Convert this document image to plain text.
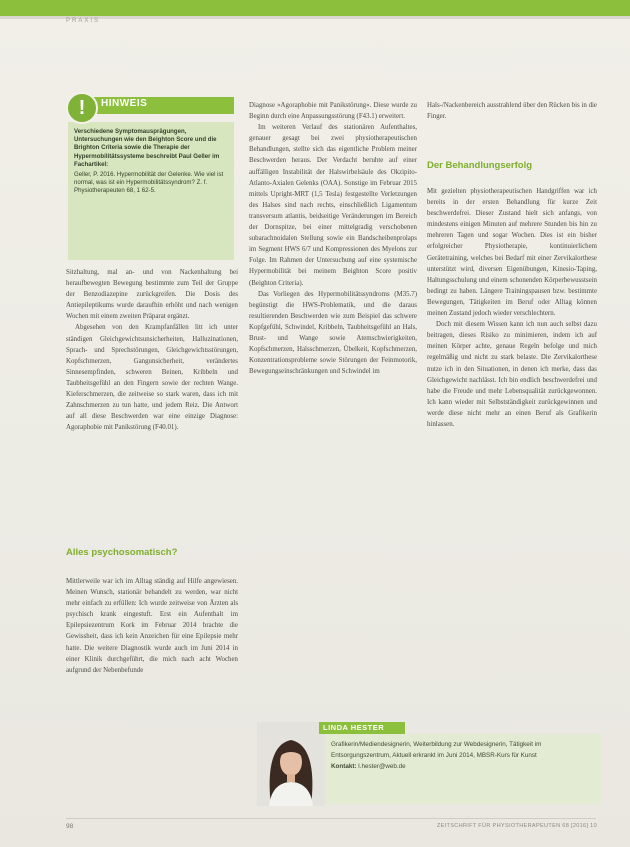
PRAXIS
HINWEIS
!
Verschiedene Symptomausprägungen, Untersuchungen wie den Beighton Score und die Brighton Criteria sowie die Therapie der Hypermobilitätssysteme beschreibt Paul Geller im Fachartikel:
Geller, P. 2016. Hypermobilität der Gelenke. Wie viel ist normal, was ist ein Hypermobilitätssyndrom? Z. f. Physiotherapeuten 68, 1 62-5.

Sitzhaltung, mal an- und von Nackenhaltung bei heraufbewegten Bewegung bestimmte zum Teil der Gruppe der Benzodiazepine zurückgreifen. Die Dosis des Antiepileptikums wurde daraufhin erhöht und nach wenigen Wochen mit einem zweiten Präparat ergänzt.

Abgesehen von den Krampfanfällen litt ich unter ständigen Gleichgewichtsunsicherheiten, Halluzinationen, Sprach- und Sprechstörungen, Gleichgewichtsstörungen, Kopfschmerzen, Gangunsicherheit, verändertes Sinnesempfinden, schweren Beinen, Kribbeln und Taubheitsgefühl an den Fingern sowie der rechten Wange. Kieferschmerzen, die zeitweise so stark waren, dass ich mit Zahnschmerzen zu tun hatte, und jedem Reiz. Die Antwort auf all diese Beschwerden war eine einzige Diagnose: Agoraphobie mit Panikstörung (F40.01).

Alles psychosomatisch?

Mittlerweile war ich im Alltag ständig auf Hilfe angewiesen. Meinen Wunsch, stationär behandelt zu werden, war nicht mehr einfach zu erfüllen: Ich wurde zeitweise von Ärzten als psychisch krank eingestuft. Erst ein Aufenthalt im Epilepsiezentrum Kork im Februar 2014 brachte die Gewissheit, dass ich kein Anzeichen für eine Epilepsie mehr hatte. Die weitere Diagnostik wurde auch im Juni 2014 in einer Klinik durchgeführt, die mich nach acht Wochen aufgrund der Nebenbefunde

Diagnose »Agoraphobie mit Panikstörung«. Diese wurde zu Beginn durch eine Anpassungsstörung (F43.1) erweitert.

Im weiteren Verlauf des stationären Aufenthaltes, genauer gesagt bei zwei physiotherapeutischen Behandlungen, stellte sich das eigentliche Problem meiner Beschwerden heraus. Der Verdacht beruhte auf einer auffälligen Instabilität der Halswirbelsäule des Okzipito-Atlanto-Axialen Gelenks (OAA). Sonstige im Februar 2015 mittels Upright-MRT (1,5 Tesla) festgestellte Verletzungen des Halses sind nach rechts, einschließlich Ligamentum transversum atlantis, beidseitige Veränderungen im Bereich der Dornspitze, bei einer mittelgradig verschobenen subarachnoidalen Stellung sowie ein Bandscheibenprolaps im Segment HWS 6/7 und Kompressionen des Myelons zur Folge. Im Rahmen der Untersuchung auf eine systemische Hypermobilität bei meinem Beighton Score positiv (Beighton Criteria).

Das Vorliegen des Hypermobilitätssyndroms (M35.7) begünstigt die HWS-Problematik, und die daraus resultierenden Beschwerden wie zum Beispiel das schwere Kopfgefühl, Schwindel, Kribbeln, Taubheitsgefühl an Hals, Brust- und Wange sowie Atemschwierigkeiten, Kopfschmerzen, Halsschmerzen, Übelkeit, Kopfschmerzen, Konzentrationsprobleme sowie Störungen der Feinmotorik, Bewegungseinschränkungen und Schwindel im

Hals-/Nackenbereich ausstrahlend über den Rücken bis in die Finger.

Der Behandlungserfolg

Mit gezielten physiotherapeutischen Handgriffen war ich bereits in der ersten Behandlung für kurze Zeit beschwerdefrei. Dieser Zustand hielt sich anfangs, von mindestens einigen Minuten auf mehrere Stunden bis hin zu mehreren Tagen und sogar Wochen. Dies ist ein bisher erfolgreicher Physiotherapie, kontinuierlichem Gerätetraining, welches bei Bedarf mit einer Zervikalorthese unterstützt wird, diversen Eigenübungen, Kinesio-Taping, Haltungsschulung und einem schonenden Körperbewusstsein bedingt zu haben. Längere Trainingspausen bzw. bestimmte Bewegungen, Tätigkeiten im Beruf oder Alltag können meinen Zustand jedoch wieder verschlechtern.

Doch mit diesem Wissen kann ich nun auch selbst dazu beitragen, dieses Risiko zu minimieren, indem ich auf meinen Körper achte, genaue Regeln befolge und mich regelmäßig und nicht zu stark belaste. Die Zervikalorthese nutze ich in den Situationen, in denen ich merke, dass das Gleichgewicht nachlässt. Ich bin endlich beschwerdefrei und habe die Freude und mehr Lebensqualität zurückgewonnen. Ich kann wieder mit Selbstständigkeit zurückgewinnen und werde diese nicht mehr an einen Beruf als Grafikerin hinlassen.

LINDA HESTER
Grafikerin/Mediendesignerin, Weiterbildung zur Webdesignerin, Tätigkeit im Entsorgungszentrum, Aktuell erkrankt im Juni 2014, MBSR-Kurs für Kunst
Kontakt: l.hester@web.de
98	ZEITSCHRIFT FÜR PHYSIOTHERAPEUTEN 68 [2016] 10
